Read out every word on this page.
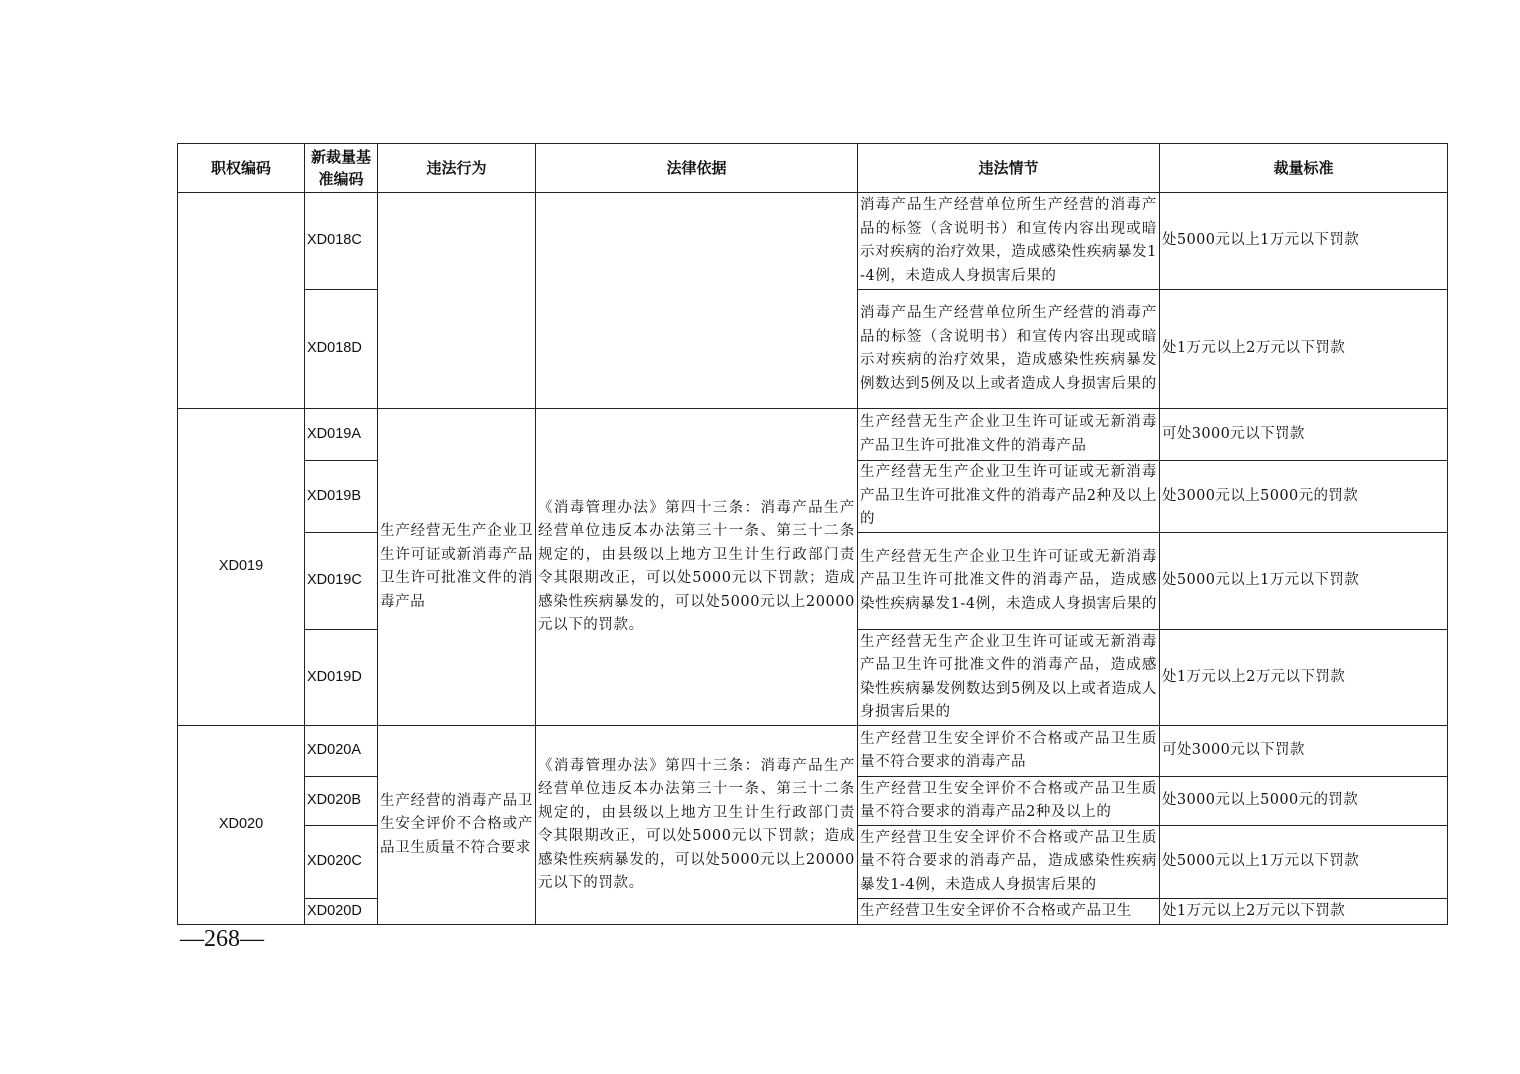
职权编码	新裁量基准编码	违法行为	法律依据	违法情节	裁量标准
	XD018C			消毒产品生产经营单位所生产经营的消毒产品的标签（含说明书）和宣传内容出现或暗示对疾病的治疗效果，造成感染性疾病暴发1-4例，未造成人身损害后果的	处5000元以上1万元以下罚款
	XD018D			消毒产品生产经营单位所生产经营的消毒产品的标签（含说明书）和宣传内容出现或暗示对疾病的治疗效果，造成感染性疾病暴发例数达到5例及以上或者造成人身损害后果的	处1万元以上2万元以下罚款
XD019	XD019A	生产经营无生产企业卫生许可证或新消毒产品卫生许可批准文件的消毒产品	《消毒管理办法》第四十三条：消毒产品生产经营单位违反本办法第三十一条、第三十二条规定的，由县级以上地方卫生计生行政部门责令其限期改正，可以处5000元以下罚款；造成感染性疾病暴发的，可以处5000元以上20000元以下的罚款。	生产经营无生产企业卫生许可证或无新消毒产品卫生许可批准文件的消毒产品	可处3000元以下罚款
	XD019B			生产经营无生产企业卫生许可证或无新消毒产品卫生许可批准文件的消毒产品2种及以上的	处3000元以上5000元的罚款
	XD019C			生产经营无生产企业卫生许可证或无新消毒产品卫生许可批准文件的消毒产品，造成感染性疾病暴发1-4例，未造成人身损害后果的	处5000元以上1万元以下罚款
	XD019D			生产经营无生产企业卫生许可证或无新消毒产品卫生许可批准文件的消毒产品，造成感染性疾病暴发例数达到5例及以上或者造成人身损害后果的	处1万元以上2万元以下罚款
XD020	XD020A	生产经营的消毒产品卫生安全评价不合格或产品卫生质量不符合要求	《消毒管理办法》第四十三条：消毒产品生产经营单位违反本办法第三十一条、第三十二条规定的，由县级以上地方卫生计生行政部门责令其限期改正，可以处5000元以下罚款；造成感染性疾病暴发的，可以处5000元以上20000元以下的罚款。	生产经营卫生安全评价不合格或产品卫生质量不符合要求的消毒产品	可处3000元以下罚款
	XD020B			生产经营卫生安全评价不合格或产品卫生质量不符合要求的消毒产品2种及以上的	处3000元以上5000元的罚款
	XD020C			生产经营卫生安全评价不合格或产品卫生质量不符合要求的消毒产品，造成感染性疾病暴发1-4例，未造成人身损害后果的	处5000元以上1万元以下罚款
	XD020D			生产经营卫生安全评价不合格或产品卫生	处1万元以上2万元以下罚款
—268—
